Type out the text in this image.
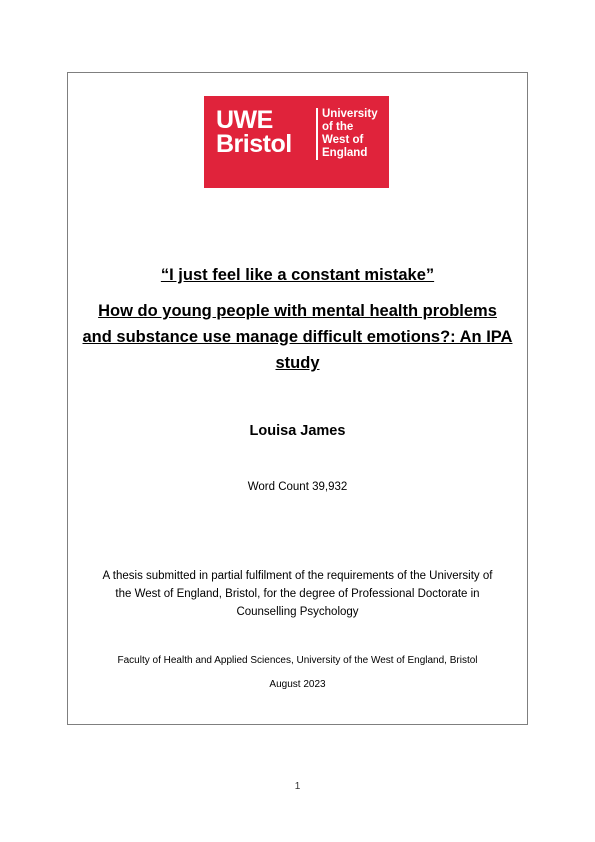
UWE
Bristol
University
of the
West of
England
“I just feel like a constant mistake”
How do young people with mental health problems
and substance use manage difficult emotions?: An IPA
study
Louisa James
Word Count 39,932
A thesis submitted in partial fulfilment of the requirements of the University of
the West of England, Bristol, for the degree of Professional Doctorate in
Counselling Psychology
Faculty of Health and Applied Sciences, University of the West of England, Bristol
August 2023
1
